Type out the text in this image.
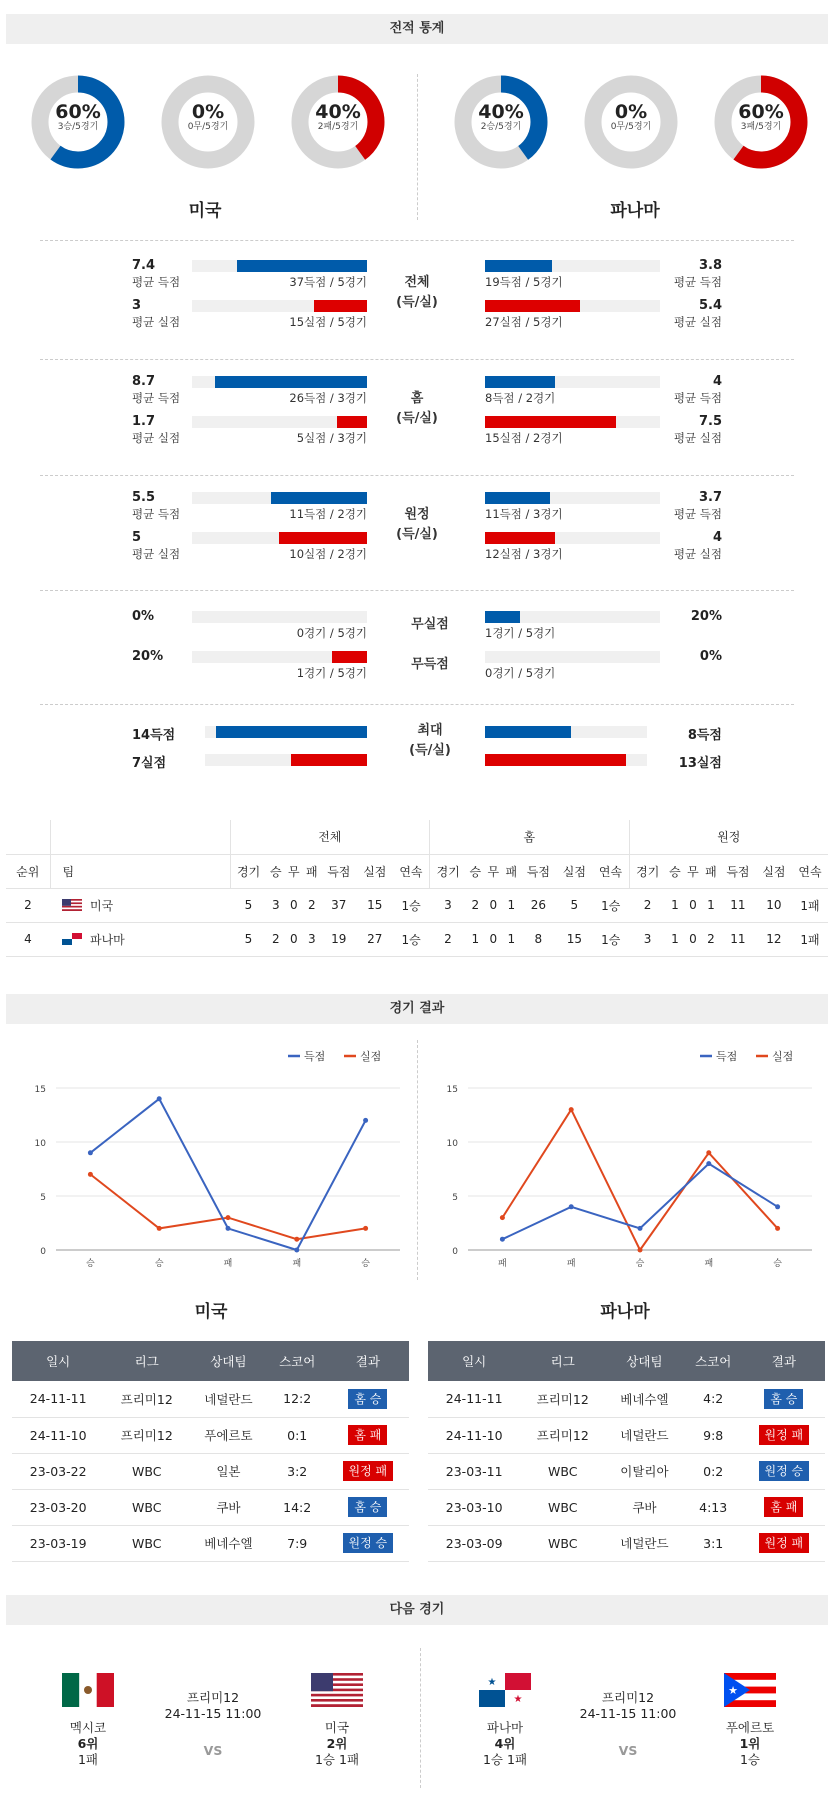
전적 통계
60%
3승/5경기
0%
0무/5경기
40%
2패/5경기
40%
2승/5경기
0%
0무/5경기
60%
3패/5경기
미국	파나마
전체
(득/실)
7.4
평균 득점	37득점 / 5경기
3.8
평균 득점
19득점 / 5경기
3
평균 실점	15실점 / 5경기
5.4
평균 실점
27실점 / 5경기
홈
(득/실)
8.7
평균 득점	26득점 / 3경기
4
평균 득점
8득점 / 2경기
1.7
평균 실점	5실점 / 3경기
7.5
평균 실점
15실점 / 2경기
원정
(득/실)
5.5
평균 득점	11득점 / 2경기
3.7
평균 득점
11득점 / 3경기
5
평균 실점	10실점 / 2경기
4
평균 실점
12실점 / 3경기
0%
0경기 / 5경기
무실점
20%
1경기 / 5경기
20%
1경기 / 5경기
무득점
0%
0경기 / 5경기
최대
(득/실)
14득점	8득점
7실점	13실점
		전체							홈							원정						
순위	팀	경기	승	무	패	득점	실점	연속	경기	승	무	패	득점	실점	연속	경기	승	무	패	득점	실점	연속
2	미국	5	3	0	2	37	15	1승	3	2	0	1	26	5	1승	2	1	0	1	11	10	1패
4	파나마	5	2	0	3	19	27	1승	2	1	0	1	8	15	1승	3	1	0	2	11	12	1패
경기 결과
득점	실점
0
5
10
15
승	승	패	패	승
득점	실점
0
5
10
15
패	패	승	패	승
미국	파나마
일시	리그	상대팀	스코어	결과
24-11-11	프리미12	네덜란드	12:2	홈 승
24-11-10	프리미12	푸에르토	0:1	홈 패
23-03-22	WBC	일본	3:2	원정 패
23-03-20	WBC	쿠바	14:2	홈 승
23-03-19	WBC	베네수엘	7:9	원정 승
일시	리그	상대팀	스코어	결과
24-11-11	프리미12	베네수엘	4:2	홈 승
24-11-10	프리미12	네덜란드	9:8	원정 패
23-03-11	WBC	이탈리아	0:2	원정 승
23-03-10	WBC	쿠바	4:13	홈 패
23-03-09	WBC	네덜란드	3:1	원정 패
다음 경기
멕시코
6위
1패
미국
2위
1승 1패
프리미12
24-11-15 11:00
VS
★
★
파나마
4위
1승 1패
★
푸에르토
1위
1승
프리미12
24-11-15 11:00
VS
